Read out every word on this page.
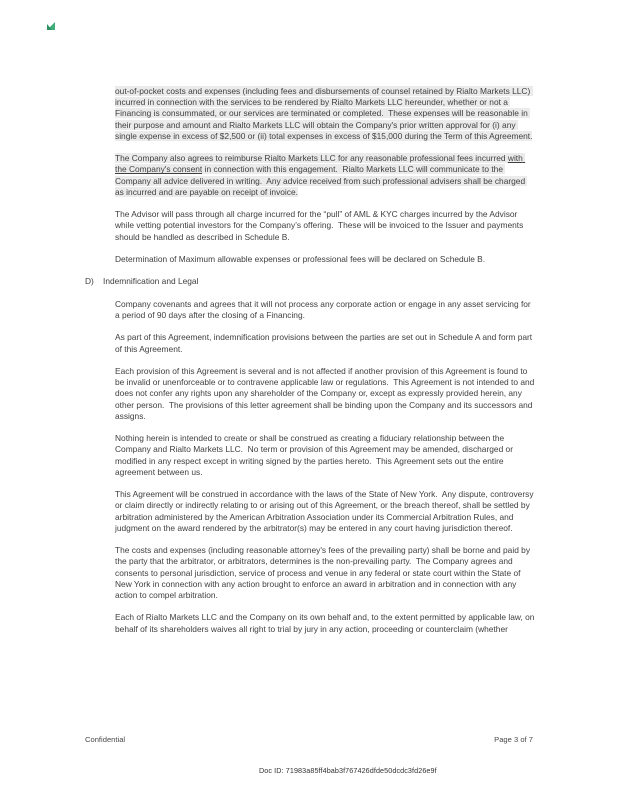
out-of-pocket costs and expenses (including fees and disbursements of counsel retained by Rialto Markets LLC) incurred in connection with the services to be rendered by Rialto Markets LLC hereunder, whether or not a Financing is consummated, or our services are terminated or completed.  These expenses will be reasonable in their purpose and amount and Rialto Markets LLC will obtain the Company's prior written approval for (i) any single expense in excess of $2,500 or (ii) total expenses in excess of $15,000 during the Term of this Agreement.

The Company also agrees to reimburse Rialto Markets LLC for any reasonable professional fees incurred with the Company's consent in connection with this engagement.  Rialto Markets LLC will communicate to the Company all advice delivered in writing.  Any advice received from such professional advisers shall be charged as incurred and are payable on receipt of invoice.

The Advisor will pass through all charge incurred for the “pull” of AML & KYC charges incurred by the Advisor while vetting potential investors for the Company’s offering.  These will be invoiced to the Issuer and payments should be handled as described in Schedule B.

Determination of Maximum allowable expenses or professional fees will be declared on Schedule B.

D)	Indemnification and Legal

Company covenants and agrees that it will not process any corporate action or engage in any asset servicing for a period of 90 days after the closing of a Financing.

As part of this Agreement, indemnification provisions between the parties are set out in Schedule A and form part of this Agreement.

Each provision of this Agreement is several and is not affected if another provision of this Agreement is found to be invalid or unenforceable or to contravene applicable law or regulations.  This Agreement is not intended to and does not confer any rights upon any shareholder of the Company or, except as expressly provided herein, any other person.  The provisions of this letter agreement shall be binding upon the Company and its successors and assigns.

Nothing herein is intended to create or shall be construed as creating a fiduciary relationship between the Company and Rialto Markets LLC.  No term or provision of this Agreement may be amended, discharged or modified in any respect except in writing signed by the parties hereto.  This Agreement sets out the entire agreement between us.

This Agreement will be construed in accordance with the laws of the State of New York.  Any dispute, controversy or claim directly or indirectly relating to or arising out of this Agreement, or the breach thereof, shall be settled by arbitration administered by the American Arbitration Association under its Commercial Arbitration Rules, and judgment on the award rendered by the arbitrator(s) may be entered in any court having jurisdiction thereof.

The costs and expenses (including reasonable attorney's fees of the prevailing party) shall be borne and paid by the party that the arbitrator, or arbitrators, determines is the non-prevailing party.  The Company agrees and consents to personal jurisdiction, service of process and venue in any federal or state court within the State of New York in connection with any action brought to enforce an award in arbitration and in connection with any action to compel arbitration.

Each of Rialto Markets LLC and the Company on its own behalf and, to the extent permitted by applicable law, on behalf of its shareholders waives all right to trial by jury in any action, proceeding or counterclaim (whether

Confidential	Page 3 of 7
Doc ID: 71983a85ff4bab3f767426dfde50dcdc3fd26e9f
